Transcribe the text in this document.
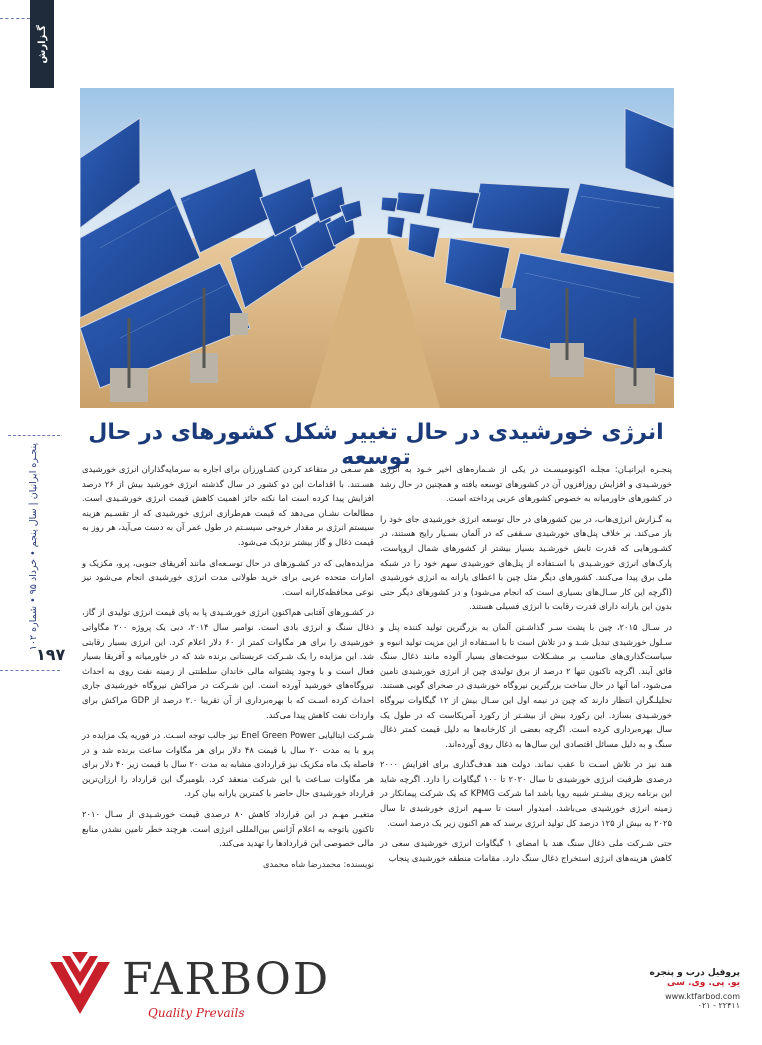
گـزارش
پنجـره ایرانیان | سال پنجم • خرداد ۹۵ • شماره ۱۰۲
۱۹۷
انرژی خورشیدی در حال تغییر شکل کشورهای در حال توسعه

پنجـره ایرانیـان: مجلـه اکونومیسـت در یکی از شـماره‌های اخیر خـود به انرژی خورشـیدی و افزایش روزافزون آن در کشورهای توسعه یافته و همچنین در حال رشد در کشورهای خاورمیانه به خصوص کشورهای عربی پرداخته است.

به گـزارش انرژی‌هاب، در بین کشورهای در حال توسعه انرژی خورشیدی جای خود را باز می‌کند. بر خلاف پنل‌های خورشیدی سـقفی که در آلمان بسـیار رایج هستند، در کشـورهایی که قدرت تابش خورشـید بسیار بیشتر از کشورهای شمال اروپاست، پارک‌های انرژی خورشـیدی با اسـتفاده از پنل‌های خورشیدی سهم خود را در شبکه ملی برق پیدا می‌کنند. کشورهای دیگر مثل چین با اعطای یارانه به انرژی خورشیدی (اگرچه این کار سـال‌های بسیاری است که انجام می‌شود) و در کشورهای دیگر حتی بدون این یارانه دارای قدرت رقابت با انرژی فسیلی هستند.

در سـال ۲۰۱۵، چین با پشت سـر گذاشـتن آلمان به بزرگترین تولید کننده پنل و سـلول خورشیدی تبدیل شـد و در تلاش است تا با اسـتفاده از این مزیت تولید انبوه و سیاست‌گذاری‌های مناسب بر مشـکلات سوخت‌های بسیار آلوده مانند ذغال سنگ فائق آیند. اگرچه تاکنون تنها ۲ درصد از برق تولیدی چین از انرژی خورشیدی تامین می‌شود، اما آنها در حال ساخت بزرگترین نیروگاه خورشیدی در صحرای گوبی هستند. تحلیلـگران انتظار دارند که چین در نیمه اول این سـال بیش از ۱۲ گیگاوات نیروگاه خورشـیدی بسازد. این رکورد بیش از بیشـتر از رکورد آمریکاست که در طول یک سال بهره‌برداری کرده است. اگرچه بعضی از کارخانه‌ها به دلیل قیمت کمتر ذغال سنگ و به دلیل مسائل اقتصادی این سال‌ها به ذغال روی آورده‌اند.

هند نیز در تلاش اسـت تا عقب نماند. دولت هند هدف‌گذاری برای افزایش ۲۰۰۰ درصدی ظرفیت انرژی خورشیدی تا سال ۲۰۲۰ تا ۱۰۰ گیگاوات را دارد. اگرچه شاید این برنامه ریزی بیشـتر شبیه رویا باشد اما شرکت KPMG که یک شرکت پیمانکار در زمینه انرژی خورشیدی می‌باشد، امیدوار است تا سـهم انرژی خورشیدی تا سال ۲۰۲۵ به بیش از ۱۲۵ درصد کل تولید انرژی برسد که هم اکنون زیر یک درصد است.

حتی شـرکت ملی ذغال سنگ هند با امضای ۱ گیگاوات انرژی خورشیدی سعی در کاهش هزینه‌های انرژی استخراج ذغال سنگ دارد. مقامات منطقه خورشیدی پنجاب

هم سـعی در متقاعد کردن کشـاورزان برای اجاره به سرمایه‌گذاران انرژی خورشیدی هسـتند. با اقدامات این دو کشور در سال گذشته انرژی خورشید بیش از ۲۶ درصد افزایش پیدا کرده است اما نکته حائز اهمیت کاهش قیمت انرژی خورشـیدی است. مطالعات نشـان می‌دهد که قیمت هم‌طرازی انرژی خورشیدی که از تقسـیم هزینه سیستم انرژی بر مقدار خروجی سیسـتم در طول عمر آن به دست می‌آید، هر روز به قیمت ذغال و گاز بیشتر نزدیک می‌شود.

مزایده‌هایی که در کشـورهای در حال توسـعه‌ای مانند آفریقای جنوبی، پرو، مکزیک و امارات متحده عربی برای خرید طولانی مدت انرژی خورشیدی انجام می‌شود نیز نوعی محافظه‌کارانه است.

در کشـورهای آفتابی هم‌اکنون انرژی خورشـیدی پا به پای قیمت انرژی تولیدی از گاز، ذغال سنگ و انرژی بادی است. نوامبر سال ۲۰۱۴، دبی یک پروژه ۲۰۰ مگاواتی خورشیدی را برای هر مگاوات کمتر از ۶۰ دلار اعلام کرد. این انرژی بسیار رقابتی شد. این مزایده را یک شـرکت عربستانی برنده شد که در خاورمیانه و آفریقا بسیار فعال است و با وجود پشتوانه مالی خاندان سلطنتی از زمینه نفت روی به احداث نیروگاه‌های خورشید آورده است. این شـرکت در مراکش نیروگاه خورشیدی جاری احداث کرده اسـت که با بهره‌برداری از آن تقریبا ۲.۰ درصد از GDP مراکش برای واردات نفت کاهش پیدا می‌کند.

شـرکت ایتالیایی Enel Green Power نیز جالب توجه اسـت. در فوریه یک مزایده در پرو با به مدت ۲۰ سال با قیمت ۴۸ دلار برای هر مگاوات ساعت برنده شد و در فاصله یک ماه مکزیک نیز قراردادی مشابه به مدت ۲۰ سال با قیمت زیر ۴۰ دلار برای هر مگاوات سـاعت با این شرکت منعقد کرد. بلومبرگ این قرارداد را ارزان‌ترین قرارداد خورشیدی حال حاضر با کمترین یارانه بیان کرد.

متغیـر مهـم در این قرارداد کاهش ۸۰ درصدی قیمت خورشـیدی از سـال ۲۰۱۰ تاکنون باتوجه به اعلام آژانس بین‌المللی انرژی است. هرچند خطر تامین نشدن منابع مالی خصوصی این قراردادها را تهدید می‌کند.

نویسنده: محمدرضا شاه محمدی

FARBOD
Quality Prevails
پروفیل درب و پنجره
یو. پی. وی. سی
www.ktfarbod.com
۰۲۱ - ۲۲۴۱۱
